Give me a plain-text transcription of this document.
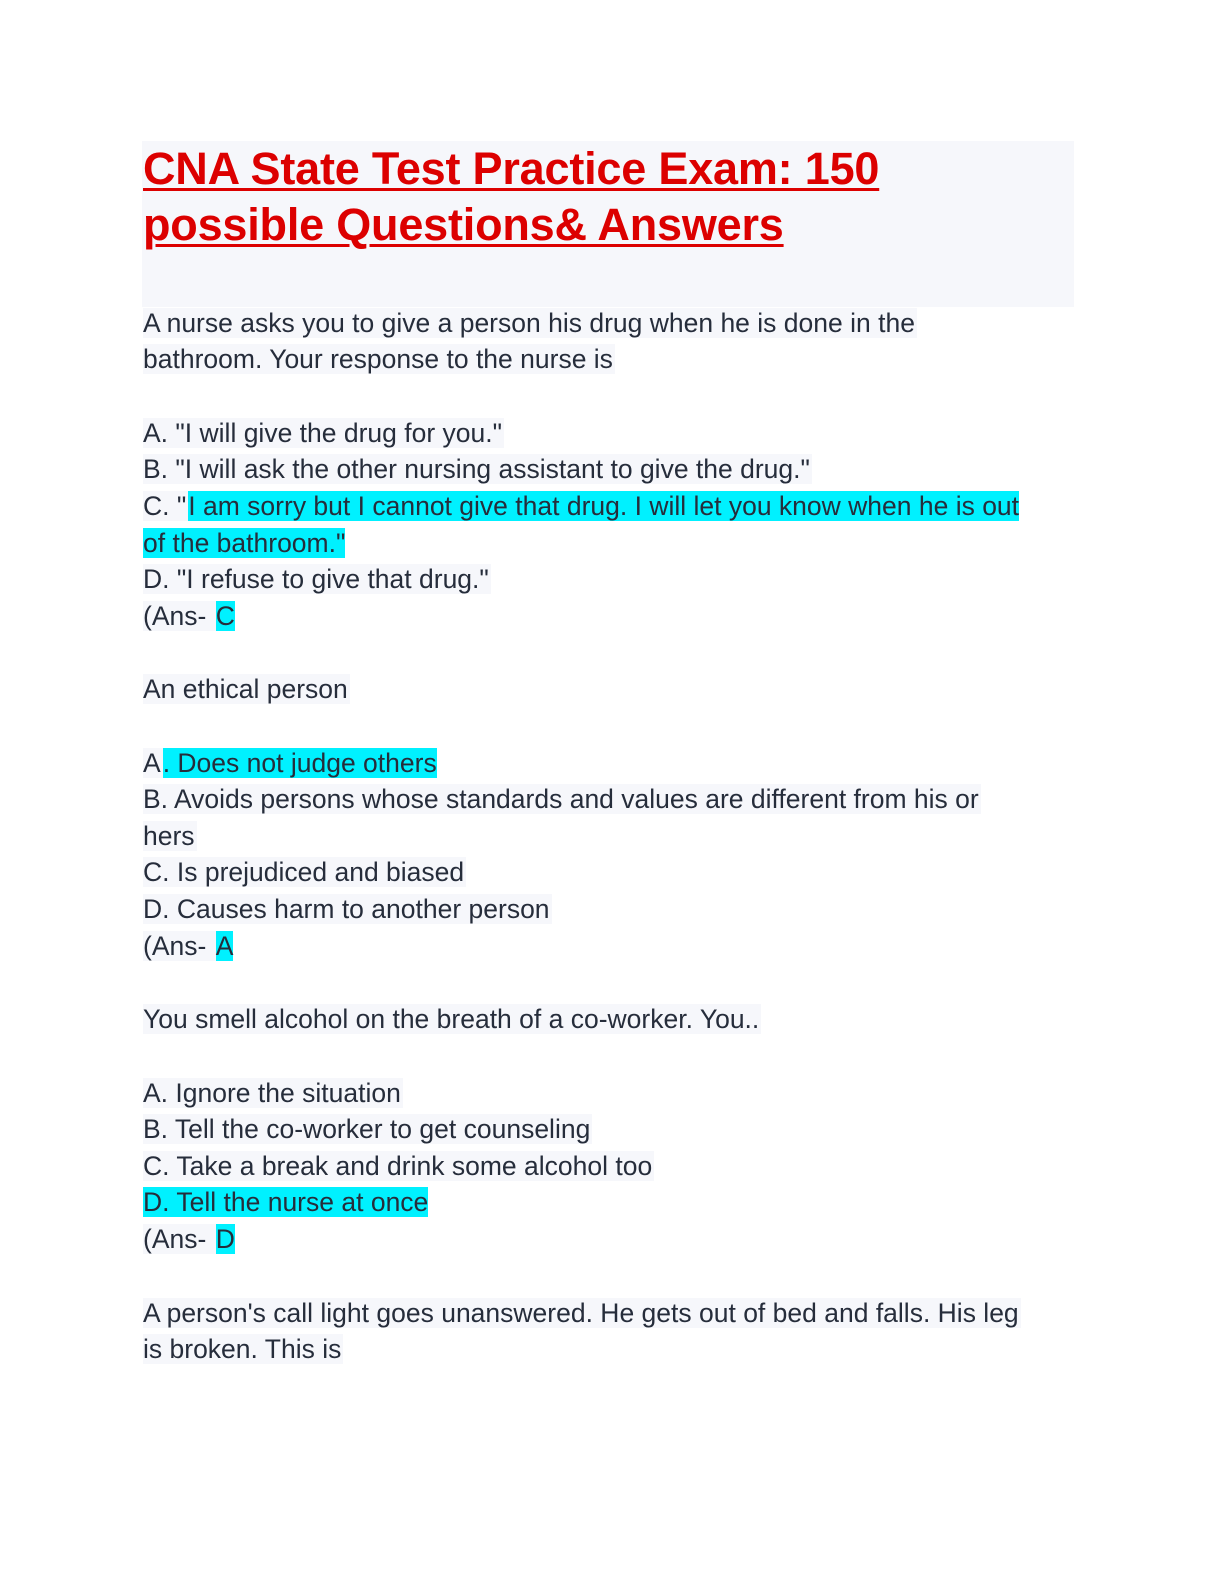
CNA State Test Practice Exam: 150
possible Questions& Answers

A nurse asks you to give a person his drug when he is done in the

bathroom. Your response to the nurse is

A. "I will give the drug for you."

B. "I will ask the other nursing assistant to give the drug."

C. "I am sorry but I cannot give that drug. I will let you know when he is out

of the bathroom."

D. "I refuse to give that drug."

(Ans- C

An ethical person

A. Does not judge others

B. Avoids persons whose standards and values are different from his or

hers

C. Is prejudiced and biased

D. Causes harm to another person

(Ans- A

You smell alcohol on the breath of a co-worker. You..

A. Ignore the situation

B. Tell the co-worker to get counseling

C. Take a break and drink some alcohol too

D. Tell the nurse at once

(Ans- D

A person's call light goes unanswered. He gets out of bed and falls. His leg

is broken. This is
